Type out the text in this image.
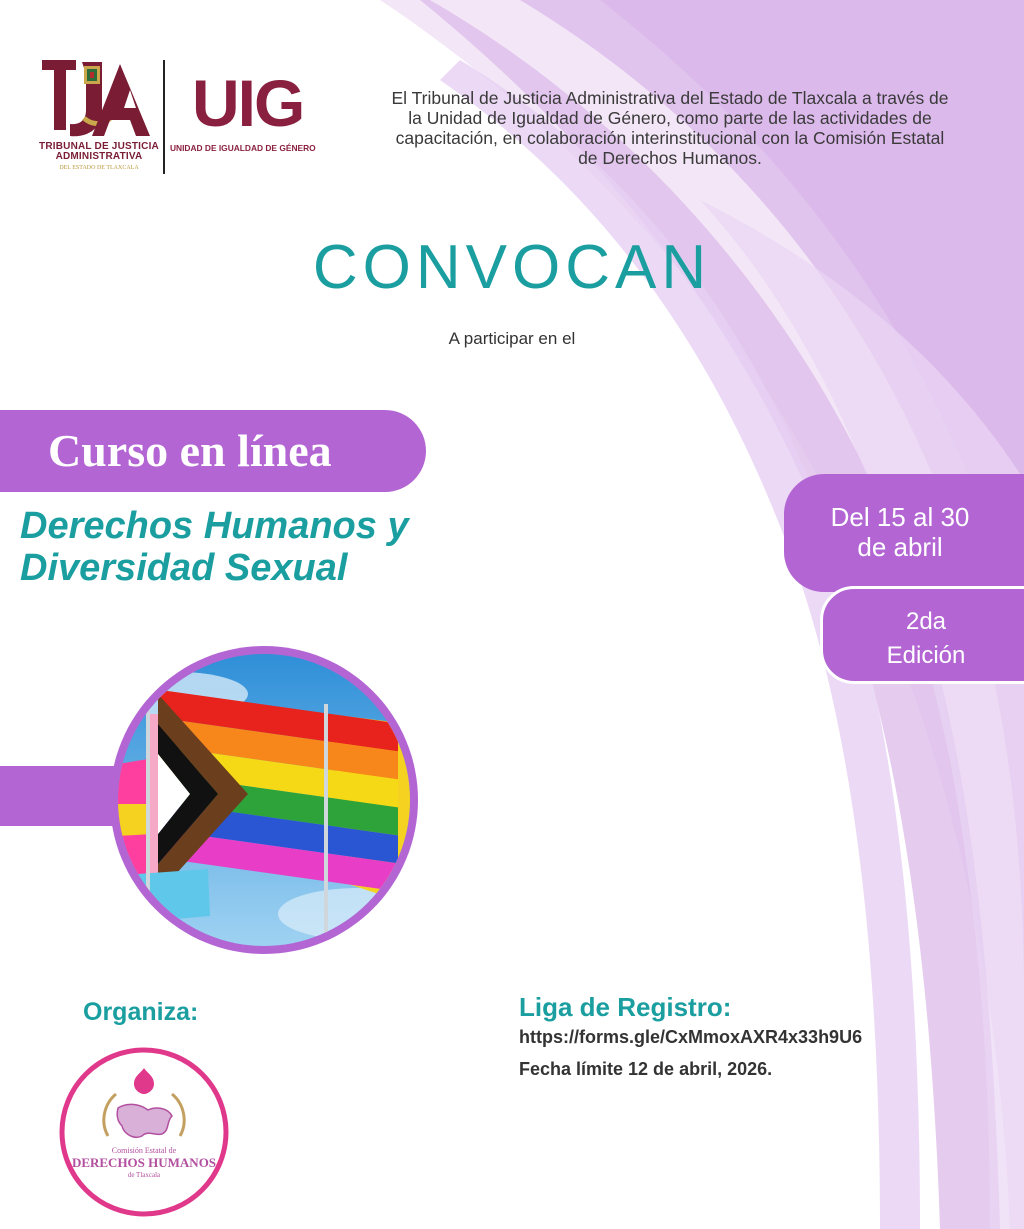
TRIBUNAL DE JUSTICIA
ADMINISTRATIVA
DEL ESTADO DE TLAXCALA
UIG
UNIDAD DE IGUALDAD DE GÉNERO
El Tribunal de Justicia Administrativa del Estado de Tlaxcala a través de
la Unidad de Igualdad de Género, como parte de las actividades de
capacitación, en colaboración interinstitucional con la Comisión Estatal
de Derechos Humanos.
CONVOCAN
A participar en el
Curso en línea
Derechos Humanos y
Diversidad Sexual
Del 15 al 30
de abril
2da
Edición
Organiza:
Comisión Estatal de
DERECHOS HUMANOS
de Tlaxcala
Liga de Registro:
https://forms.gle/CxMmoxAXR4x33h9U6
Fecha límite 12 de abril, 2026.
